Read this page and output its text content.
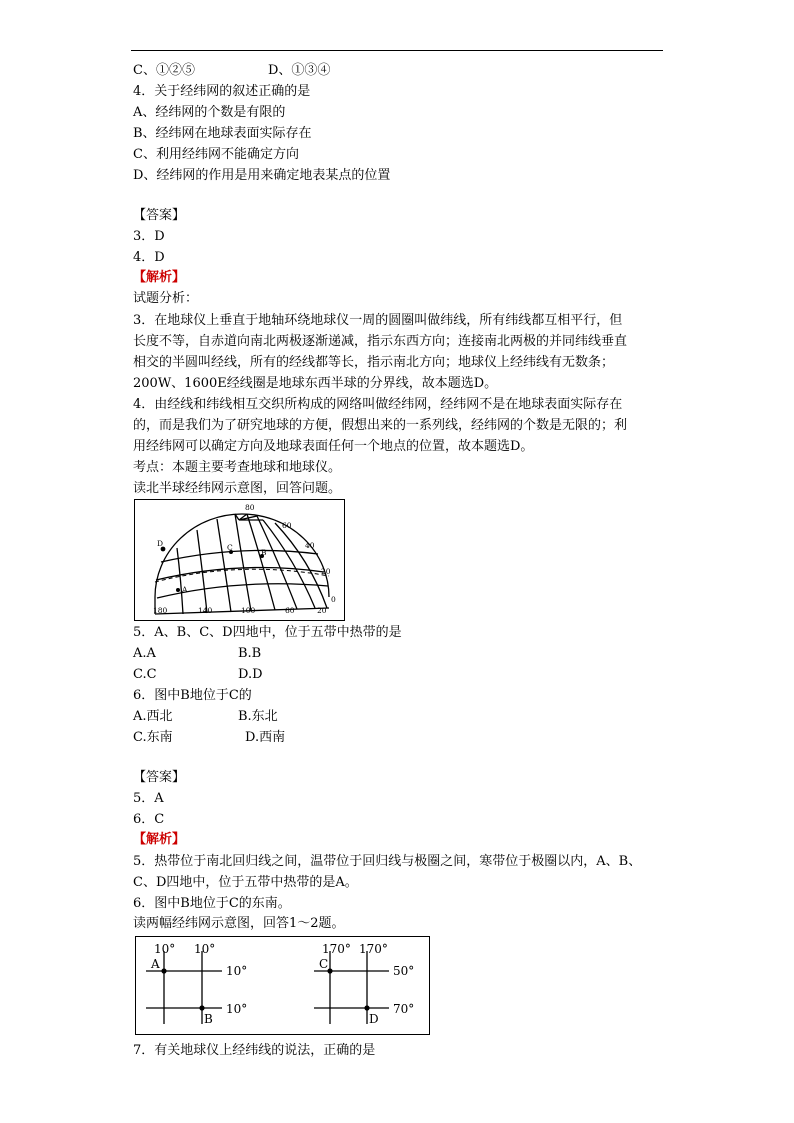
C、①②⑤	D、①③④
4．关于经纬网的叙述正确的是
A、经纬网的个数是有限的
B、经纬网在地球表面实际存在
C、利用经纬网不能确定方向
D、经纬网的作用是用来确定地表某点的位置
【答案】
3．D
4．D
【解析】
试题分析：
3．在地球仪上垂直于地轴环绕地球仪一周的圆圈叫做纬线，所有纬线都互相平行，但
长度不等，自赤道向南北两极逐渐递减，指示东西方向；连接南北两极的并同纬线垂直
相交的半圆叫经线，所有的经线都等长，指示南北方向；地球仪上经纬线有无数条；
200W、1600E经线圈是地球东西半球的分界线，故本题选D。
4．由经线和纬线相互交织所构成的网络叫做经纬网，经纬网不是在地球表面实际存在
的，而是我们为了研究地球的方便，假想出来的一系列线，经纬网的个数是无限的；利
用经纬网可以确定方向及地球表面任何一个地点的位置，故本题选D。
考点：本题主要考查地球和地球仪。
读北半球经纬网示意图，回答问题。
80
60
40
20
0
180	140	100	60	20
D	C
B
A
5．A、B、C、D四地中，位于五带中热带的是
A.A	B.B
C.C	D.D
6．图中B地位于C的
A.西北	B.东北
C.东南	D.西南
【答案】
5．A
6．C
【解析】
5．热带位于南北回归线之间，温带位于回归线与极圈之间，寒带位于极圈以内，A、B、
C、D四地中，位于五带中热带的是A。
6．图中B地位于C的东南。
读两幅经纬网示意图，回答1～2题。
10° 10°
10°
10°
A
B
170° 170°
50°
70°
C
D
7．有关地球仪上经纬线的说法，正确的是
